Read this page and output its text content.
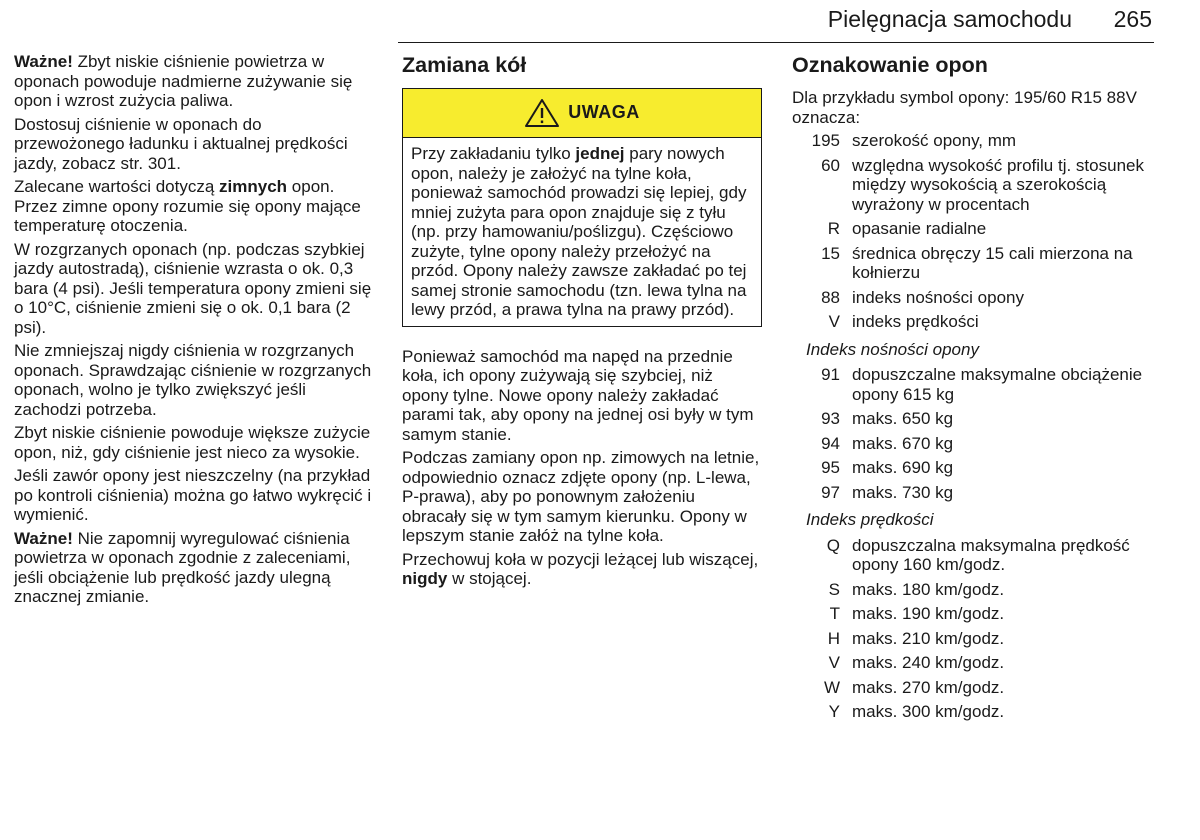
Pielęgnacja samochodu 265

Ważne! Zbyt niskie ciśnienie powietrza w oponach powoduje nadmierne zużywanie się opon i wzrost zużycia paliwa.

Dostosuj ciśnienie w oponach do przewożonego ładunku i aktualnej prędkości jazdy, zobacz str. 301.

Zalecane wartości dotyczą zimnych opon. Przez zimne opony rozumie się opony mające temperaturę otoczenia.

W rozgrzanych oponach (np. podczas szybkiej jazdy autostradą), ciśnienie wzrasta o ok. 0,3 bara (4 psi). Jeśli temperatura opony zmieni się o 10°C, ciśnienie zmieni się o ok. 0,1 bara (2 psi).

Nie zmniejszaj nigdy ciśnienia w rozgrzanych oponach. Sprawdzając ciśnienie w rozgrzanych oponach, wolno je tylko zwiększyć jeśli zachodzi potrzeba.

Zbyt niskie ciśnienie powoduje większe zużycie opon, niż, gdy ciśnienie jest nieco za wysokie.

Jeśli zawór opony jest nieszczelny (na przykład po kontroli ciśnienia) można go łatwo wykręcić i wymienić.

Ważne! Nie zapomnij wyregulować ciśnienia powietrza w oponach zgodnie z zaleceniami, jeśli obciążenie lub prędkość jazdy ulegną znacznej zmianie.

Zamiana kół
UWAGA
Przy zakładaniu tylko jednej pary nowych opon, należy je założyć na tylne koła, ponieważ samochód prowadzi się lepiej, gdy mniej zużyta para opon znajduje się z tyłu (np. przy hamowaniu/poślizgu). Częściowo zużyte, tylne opony należy przełożyć na przód. Opony należy zawsze zakładać po tej samej stronie samochodu (tzn. lewa tylna na lewy przód, a prawa tylna na prawy przód).

Ponieważ samochód ma napęd na przednie koła, ich opony zużywają się szybciej, niż opony tylne. Nowe opony należy zakładać parami tak, aby opony na jednej osi były w tym samym stanie.

Podczas zamiany opon np. zimowych na letnie, odpowiednio oznacz zdjęte opony (np. L-lewa, P-prawa), aby po ponownym założeniu obracały się w tym samym kierunku. Opony w lepszym stanie załóż na tylne koła.

Przechowuj koła w pozycji leżącej lub wiszącej, nigdy w stojącej.

Oznakowanie opon

Dla przykładu symbol opony: 195/60 R15 88V oznacza:

195 szerokość opony, mm
60 względna wysokość profilu tj. stosunek między wysokością a szerokością wyrażony w procentach
R opasanie radialne
15 średnica obręczy 15 cali mierzona na kołnierzu
88 indeks nośności opony
V indeks prędkości
Indeks nośności opony
91 dopuszczalne maksymalne obciążenie opony 615 kg
93 maks. 650 kg
94 maks. 670 kg
95 maks. 690 kg
97 maks. 730 kg
Indeks prędkości
Q dopuszczalna maksymalna prędkość opony 160 km/godz.
S maks. 180 km/godz.
T maks. 190 km/godz.
H maks. 210 km/godz.
V maks. 240 km/godz.
W maks. 270 km/godz.
Y maks. 300 km/godz.
